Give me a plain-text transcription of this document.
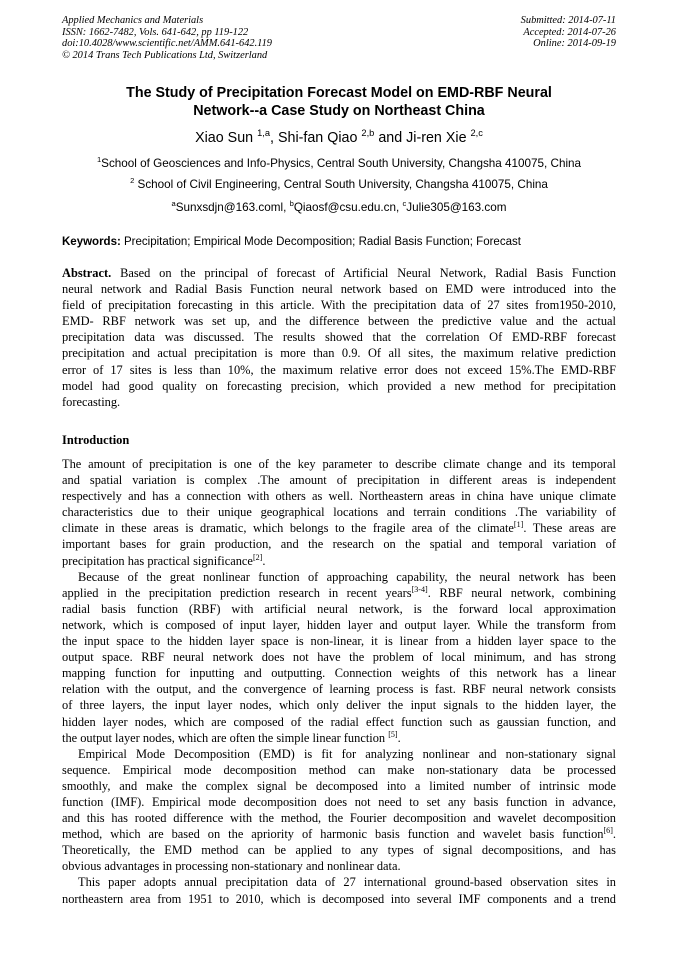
Applied Mechanics and Materials
ISSN: 1662-7482, Vols. 641-642, pp 119-122
doi:10.4028/www.scientific.net/AMM.641-642.119
© 2014 Trans Tech Publications Ltd, Switzerland
Submitted: 2014-07-11
Accepted: 2014-07-26
Online: 2014-09-19
The Study of Precipitation Forecast Model on EMD-RBF Neural
Network--a Case Study on Northeast China
Xiao Sun $^{1,a}$, Shi-fan Qiao $^{2,b}$ and Ji-ren Xie $^{2,c}$
$^1$School of Geosciences and Info-Physics, Central South University, Changsha 410075, China
$^2$ School of Civil Engineering, Central South University, Changsha 410075, China
$^a$Sunxsdjn@163.coml, $^b$Qiaosf@csu.edu.cn, $^c$Julie305@163.com
Keywords: Precipitation; Empirical Mode Decomposition; Radial Basis Function; Forecast
Abstract. Based on the principal of forecast of Artificial Neural Network, Radial Basis Function
neural network and Radial Basis Function neural network based on EMD were introduced into the
field of precipitation forecasting in this article. With the precipitation data of 27 sites from1950-2010,
EMD- RBF network was set up, and the difference between the predictive value and the actual
precipitation data was discussed. The results showed that the correlation Of EMD-RBF forecast
precipitation and actual precipitation is more than 0.9. Of all sites, the maximum relative prediction
error of 17 sites is less than 10%, the maximum relative error does not exceed 15%.The EMD-RBF
model had good quality on forecasting precision, which provided a new method for precipitation
forecasting.
Introduction
The amount of precipitation is one of the key parameter to describe climate change and its temporal
and spatial variation is complex .The amount of precipitation in different areas is independent
respectively and has a connection with others as well. Northeastern areas in china have unique climate
characteristics due to their unique geographical locations and terrain conditions .The variability of
climate in these areas is dramatic, which belongs to the fragile area of the climate[1]. These areas are
important bases for grain production, and the research on the spatial and temporal variation of
precipitation has practical significance[2].
Because of the great nonlinear function of approaching capability, the neural network has been
applied in the precipitation prediction research in recent years[3-4]. RBF neural network, combining
radial basis function (RBF) with artificial neural network, is the forward local approximation
network, which is composed of input layer, hidden layer and output layer. While the transform from
the input space to the hidden layer space is non-linear, it is linear from a hidden layer space to the
output space. RBF neural network does not have the problem of local minimum, and has strong
mapping function for inputting and outputting. Connection weights of this network has a linear
relation with the output, and the convergence of learning process is fast. RBF neural network consists
of three layers, the input layer nodes, which only deliver the input signals to the hidden layer, the
hidden layer nodes, which are composed of the radial effect function such as gaussian function, and
the output layer nodes, which are often the simple linear function [5].
Empirical Mode Decomposition (EMD) is fit for analyzing nonlinear and non-stationary signal
sequence. Empirical mode decomposition method can make non-stationary data be processed
smoothly, and make the complex signal be decomposed into a limited number of intrinsic mode
function (IMF). Empirical mode decomposition does not need to set any basis function in advance,
and this has rooted difference with the method, the Fourier decomposition and wavelet decomposition
method, which are based on the apriority of harmonic basis function and wavelet basis function[6].
Theoretically, the EMD method can be applied to any types of signal decompositions, and has
obvious advantages in processing non-stationary and nonlinear data.
This paper adopts annual precipitation data of 27 international ground-based observation sites in
northeastern area from 1951 to 2010, which is decomposed into several IMF components and a trend
